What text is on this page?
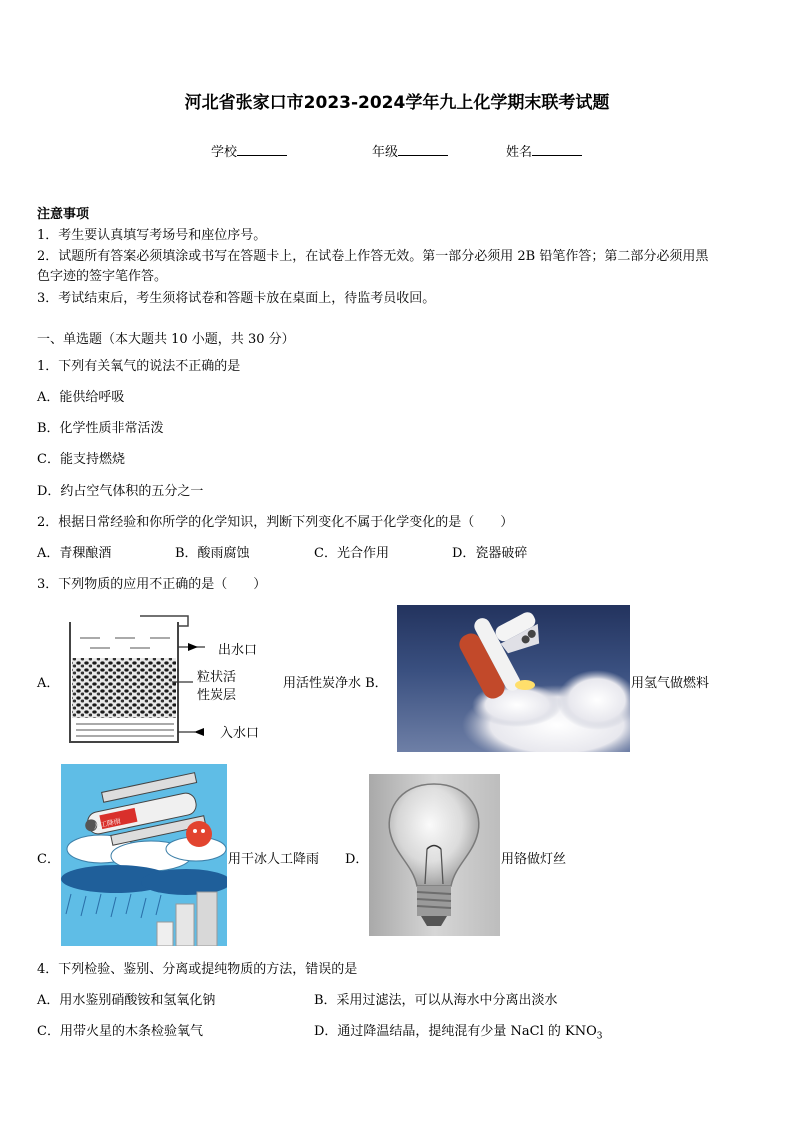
河北省张家口市2023-2024学年九上化学期末联考试题
学校	年级	姓名
注意事项
1．考生要认真填写考场号和座位序号。
2．试题所有答案必须填涂或书写在答题卡上，在试卷上作答无效。第一部分必须用 2B 铅笔作答；第二部分必须用黑
色字迹的签字笔作答。
3．考试结束后，考生须将试卷和答题卡放在桌面上，待监考员收回。
一、单选题（本大题共 10 小题，共 30 分）
1．下列有关氧气的说法不正确的是
A．能供给呼吸
B．化学性质非常活泼
C．能支持燃烧
D．约占空气体积的五分之一
2．根据日常经验和你所学的化学知识，判断下列变化不属于化学变化的是（　　）
A．青稞酿酒	B．酸雨腐蚀	C．光合作用	D．瓷器破碎
3．下列物质的应用不正确的是（　　）
A．
出水口
粒状活
性炭层
入水口
用活性炭净水 B．	用氢气做燃料
C．
人工降雨
用干冰人工降雨 D．	用铬做灯丝
4．下列检验、鉴别、分离或提纯物质的方法，错误的是
A．用水鉴别硝酸铵和氢氧化钠	B．采用过滤法，可以从海水中分离出淡水
C．用带火星的木条检验氧气	D．通过降温结晶，提纯混有少量 NaCl 的 $KNO_3$
